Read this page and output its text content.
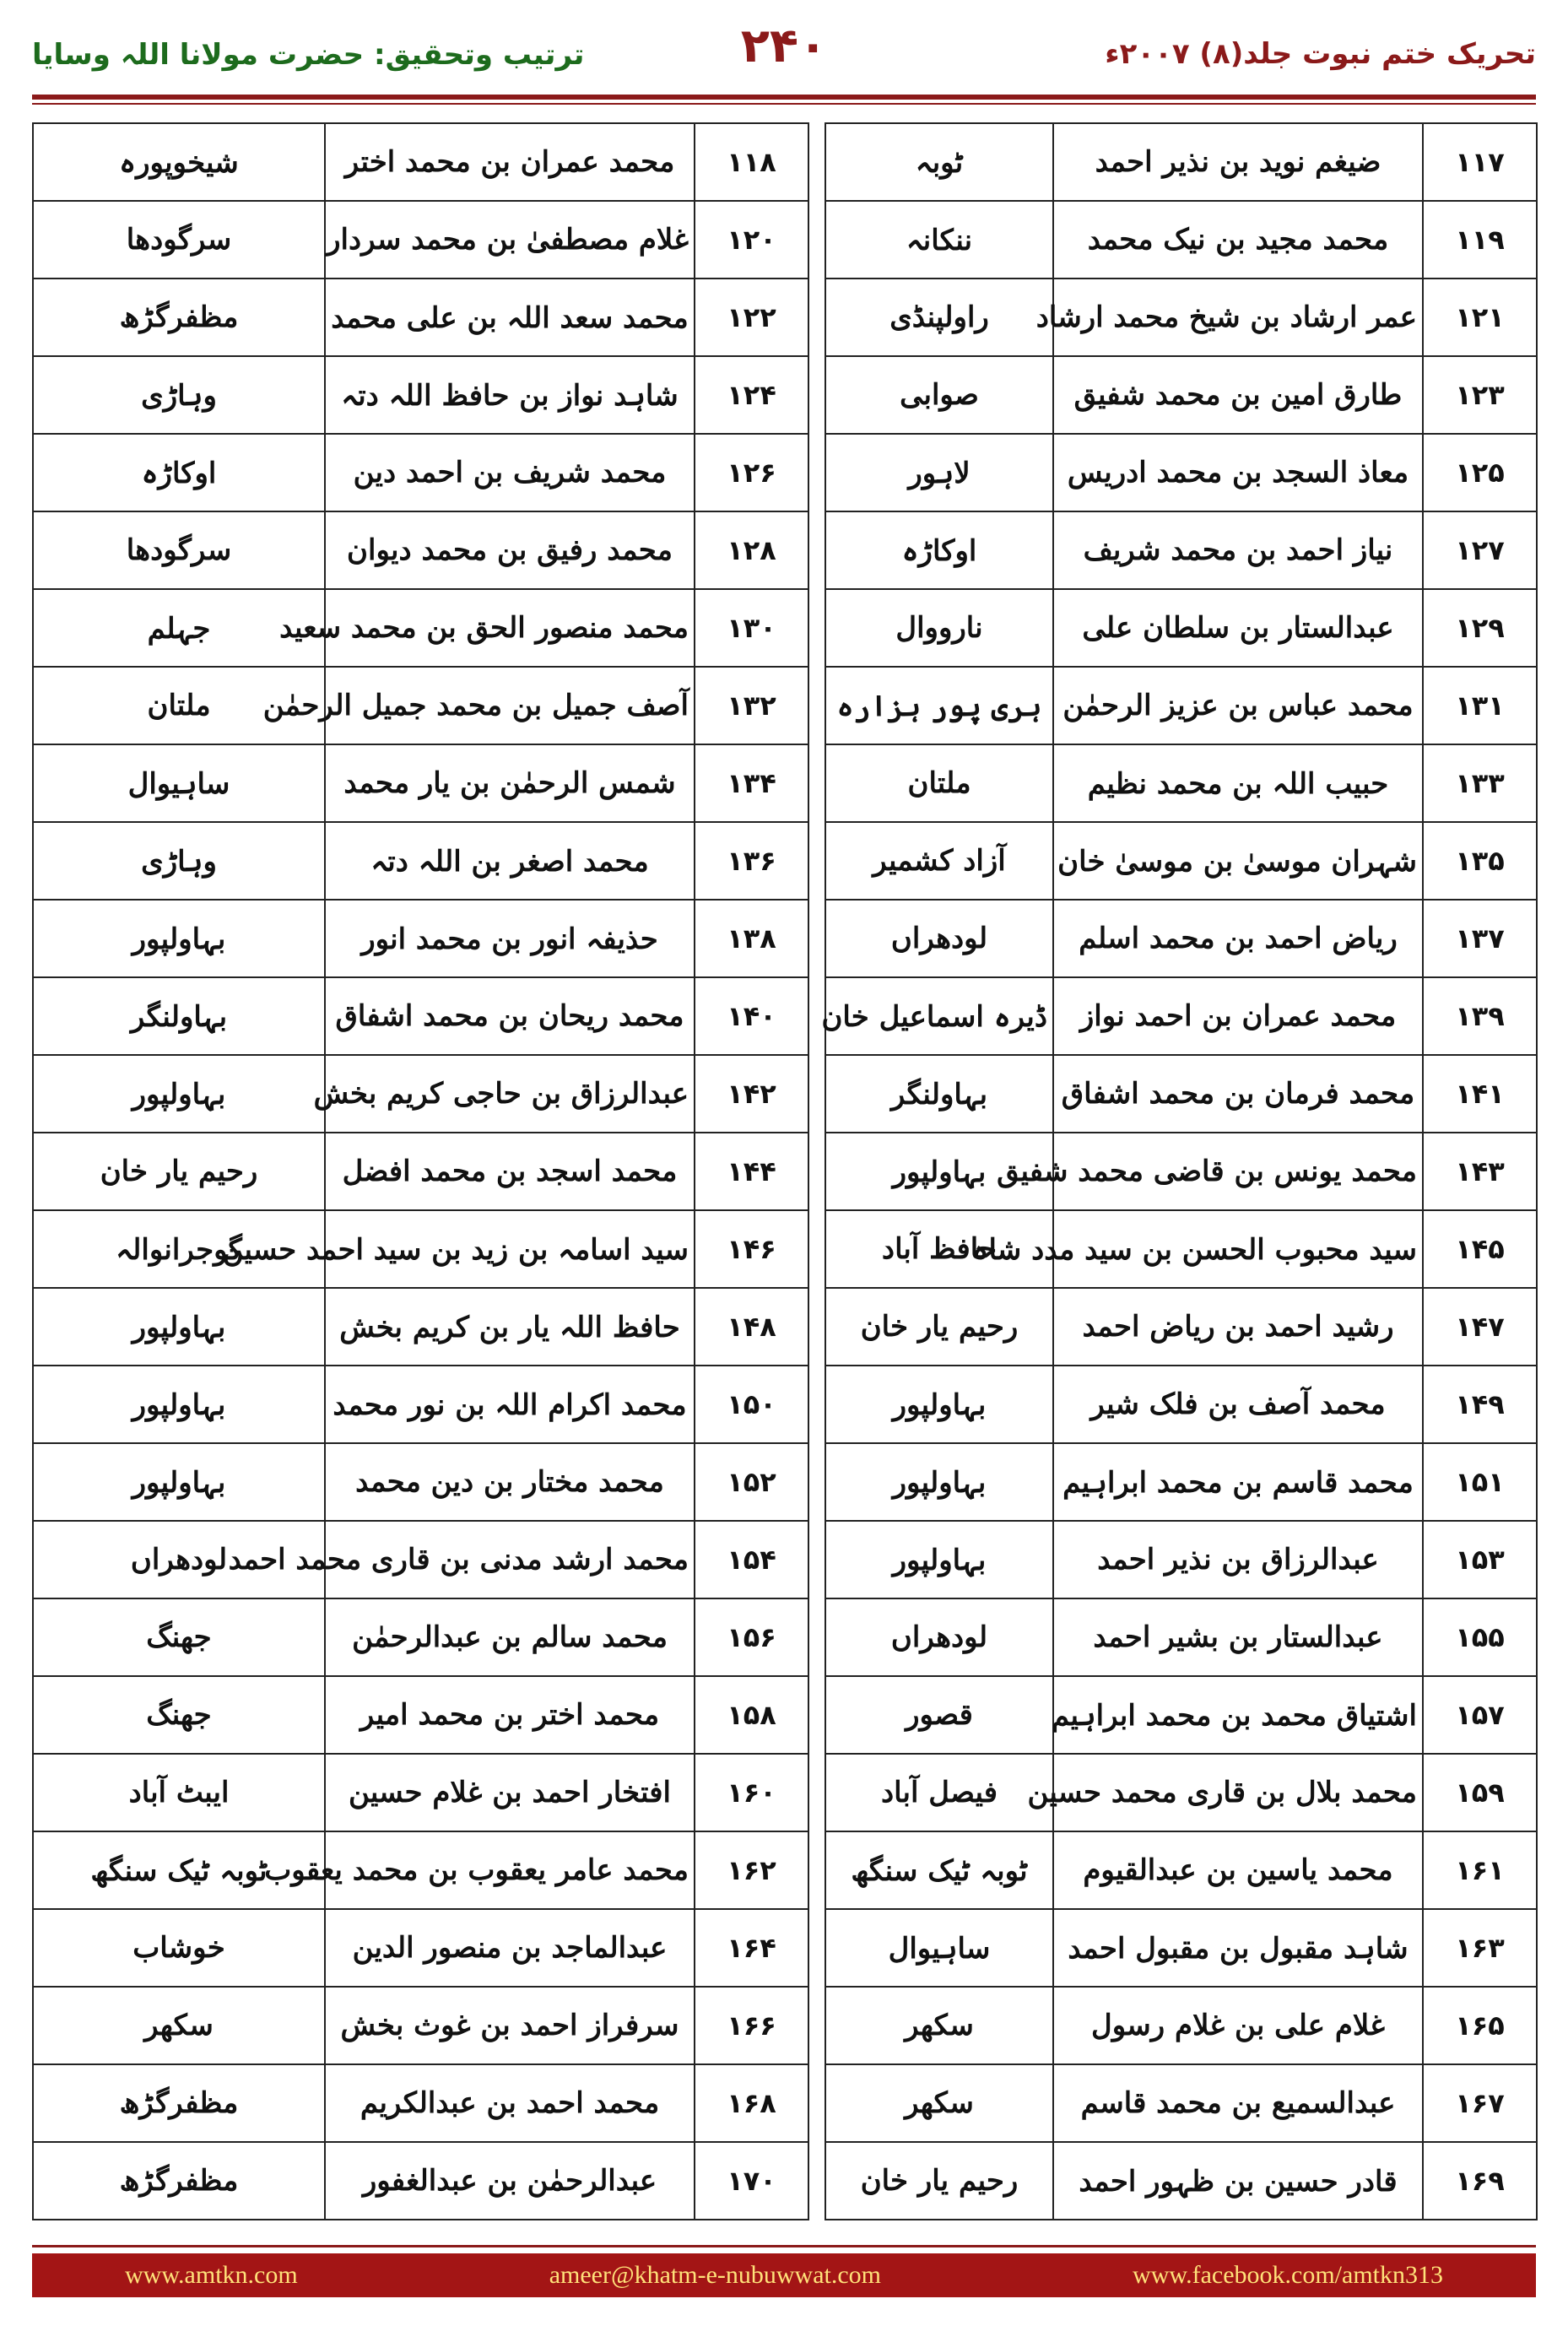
تحریک ختم نبوت جلد(۸) ۲۰۰۷ء
۲۴۰
ترتیب وتحقیق: حضرت مولانا اللہ وسایا
۱۱۷	ضیغم نوید بن نذیر احمد	ٹوبہ		۱۱۸	محمد عمران بن محمد اختر	شیخوپورہ
۱۱۹	محمد مجید بن نیک محمد	ننکانہ		۱۲۰	غلام مصطفیٰ بن محمد سردار	سرگودھا
۱۲۱	عمر ارشاد بن شیخ محمد ارشاد	راولپنڈی		۱۲۲	محمد سعد اللہ بن علی محمد	مظفرگڑھ
۱۲۳	طارق امین بن محمد شفیق	صوابی		۱۲۴	شاہد نواز بن حافظ اللہ دتہ	وہاڑی
۱۲۵	معاذ السجد بن محمد ادریس	لاہور		۱۲۶	محمد شریف بن احمد دین	اوکاڑہ
۱۲۷	نیاز احمد بن محمد شریف	اوکاڑہ		۱۲۸	محمد رفیق بن محمد دیوان	سرگودھا
۱۲۹	عبدالستار بن سلطان علی	نارووال		۱۳۰	محمد منصور الحق بن محمد سعید	جہلم
۱۳۱	محمد عباس بن عزیز الرحمٰن	ہری پور ہزارہ		۱۳۲	آصف جمیل بن محمد جمیل الرحمٰن	ملتان
۱۳۳	حبیب اللہ بن محمد نظیم	ملتان		۱۳۴	شمس الرحمٰن بن یار محمد	ساہیوال
۱۳۵	شہران موسیٰ بن موسیٰ خان	آزاد کشمیر		۱۳۶	محمد اصغر بن اللہ دتہ	وہاڑی
۱۳۷	ریاض احمد بن محمد اسلم	لودھراں		۱۳۸	حذیفہ انور بن محمد انور	بہاولپور
۱۳۹	محمد عمران بن احمد نواز	ڈیرہ اسماعیل خان		۱۴۰	محمد ریحان بن محمد اشفاق	بہاولنگر
۱۴۱	محمد فرمان بن محمد اشفاق	بہاولنگر		۱۴۲	عبدالرزاق بن حاجی کریم بخش	بہاولپور
۱۴۳	محمد یونس بن قاضی محمد شفیق	بہاولپور		۱۴۴	محمد اسجد بن محمد افضل	رحیم یار خان
۱۴۵	سید محبوب الحسن بن سید مدد شاہ	حافظ آباد		۱۴۶	سید اسامہ بن زید بن سید احمد حسین	گوجرانوالہ
۱۴۷	رشید احمد بن ریاض احمد	رحیم یار خان		۱۴۸	حافظ اللہ یار بن کریم بخش	بہاولپور
۱۴۹	محمد آصف بن فلک شیر	بہاولپور		۱۵۰	محمد اکرام اللہ بن نور محمد	بہاولپور
۱۵۱	محمد قاسم بن محمد ابراہیم	بہاولپور		۱۵۲	محمد مختار بن دین محمد	بہاولپور
۱۵۳	عبدالرزاق بن نذیر احمد	بہاولپور		۱۵۴	محمد ارشد مدنی بن قاری محمد احمد	لودھراں
۱۵۵	عبدالستار بن بشیر احمد	لودھراں		۱۵۶	محمد سالم بن عبدالرحمٰن	جھنگ
۱۵۷	اشتیاق محمد بن محمد ابراہیم	قصور		۱۵۸	محمد اختر بن محمد امیر	جھنگ
۱۵۹	محمد بلال بن قاری محمد حسین	فیصل آباد		۱۶۰	افتخار احمد بن غلام حسین	ایبٹ آباد
۱۶۱	محمد یاسین بن عبدالقیوم	ٹوبہ ٹیک سنگھ		۱۶۲	محمد عامر یعقوب بن محمد یعقوب	ٹوبہ ٹیک سنگھ
۱۶۳	شاہد مقبول بن مقبول احمد	ساہیوال		۱۶۴	عبدالماجد بن منصور الدین	خوشاب
۱۶۵	غلام علی بن غلام رسول	سکھر		۱۶۶	سرفراز احمد بن غوث بخش	سکھر
۱۶۷	عبدالسمیع بن محمد قاسم	سکھر		۱۶۸	محمد احمد بن عبدالکریم	مظفرگڑھ
۱۶۹	قادر حسین بن ظہور احمد	رحیم یار خان		۱۷۰	عبدالرحمٰن بن عبدالغفور	مظفرگڑھ
www.amtkn.com	ameer@khatm-e-nubuwwat.com	www.facebook.com/amtkn313
